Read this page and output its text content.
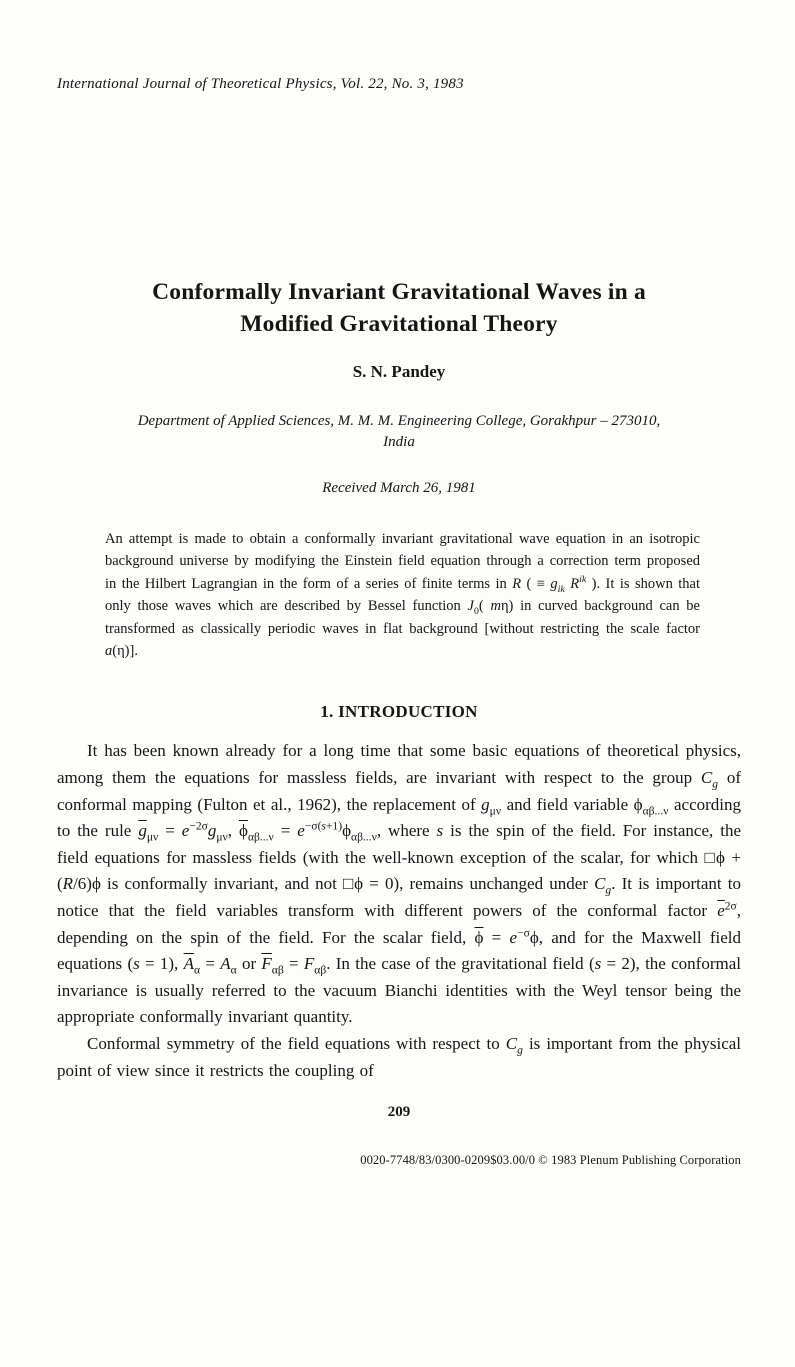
International Journal of Theoretical Physics, Vol. 22, No. 3, 1983
Conformally Invariant Gravitational Waves in a
Modified Gravitational Theory
S. N. Pandey
Department of Applied Sciences, M. M. M. Engineering College, Gorakhpur – 273010,
India
Received March 26, 1981
An attempt is made to obtain a conformally invariant gravitational wave equation in an isotropic background universe by modifying the Einstein field equation through a correction term proposed in the Hilbert Lagrangian in the form of a series of finite terms in R ( ≡ $g_{ik}$ $R^{ik}$ ). It is shown that only those waves which are described by Bessel function $J_0$( mη) in curved background can be transformed as classically periodic waves in flat background [without restricting the scale factor a(η)].
1. INTRODUCTION

It has been known already for a long time that some basic equations of theoretical physics, among them the equations for massless fields, are invariant with respect to the group $C_g$ of conformal mapping (Fulton et al., 1962), the replacement of $g_{\mu\nu}$ and field variable $\phi_{\alpha\beta...\nu}$ according to the rule $\overline{g}_{\mu\nu} = e^{-2\sigma}g_{\mu\nu}$, $\overline{\phi}_{\alpha\beta...\nu} = e^{-\sigma(s+1)}\phi_{\alpha\beta...\nu}$, where s is the spin of the field. For instance, the field equations for massless fields (with the well-known exception of the scalar, for which □ϕ + (R/6)ϕ is conformally invariant, and not □ϕ = 0), remains unchanged under $C_g$. It is important to notice that the field variables transform with different powers of the conformal factor $\overline{e}^{2\sigma}$, depending on the spin of the field. For the scalar field, $\overline{\phi} = e^{-\sigma}\phi$, and for the Maxwell field equations (s = 1), $\overline{A}_\alpha = A_\alpha$ or $\overline{F}_{\alpha\beta} = F_{\alpha\beta}$. In the case of the gravitational field (s = 2), the conformal invariance is usually referred to the vacuum Bianchi identities with the Weyl tensor being the appropriate conformally invariant quantity.

Conformal symmetry of the field equations with respect to $C_g$ is important from the physical point of view since it restricts the coupling of

209
0020-7748/83/0300-0209$03.00/0 © 1983 Plenum Publishing Corporation
